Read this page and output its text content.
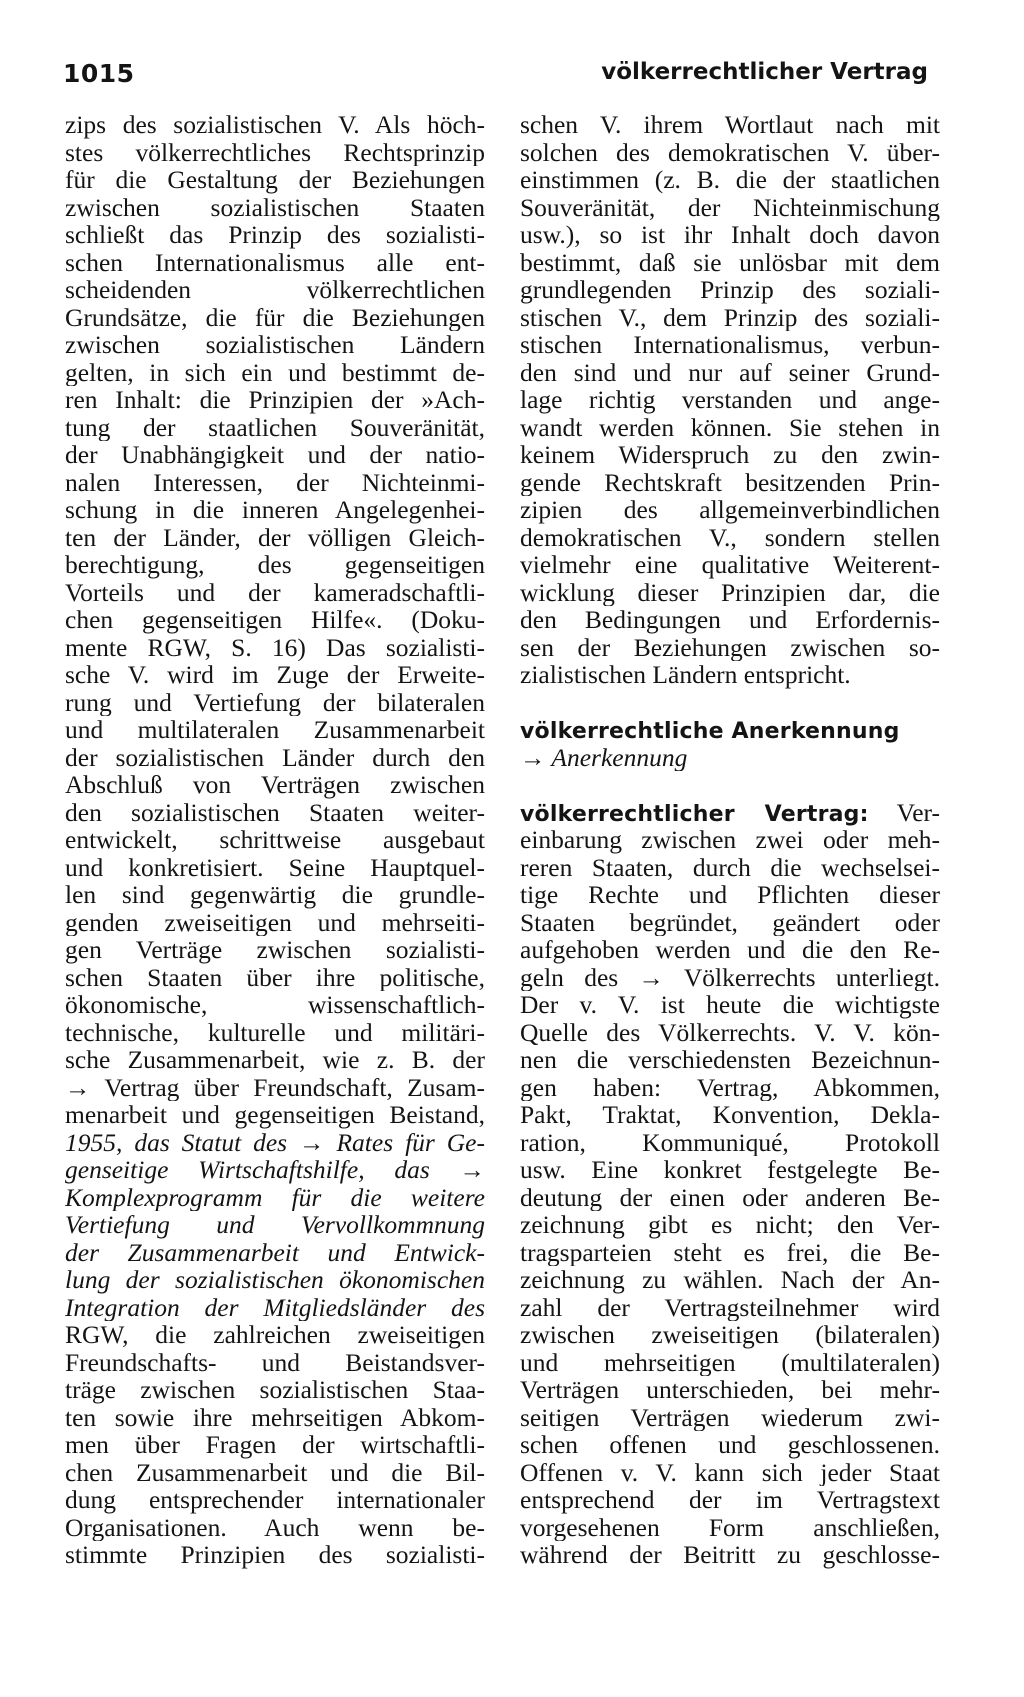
1015	völkerrechtlicher Vertrag
zips des sozialistischen V. Als höch-
stes völkerrechtliches Rechtsprinzip
für die Gestaltung der Beziehungen
zwischen sozialistischen Staaten
schließt das Prinzip des sozialisti-
schen Internationalismus alle ent-
scheidenden völkerrechtlichen
Grundsätze, die für die Beziehungen
zwischen sozialistischen Ländern
gelten, in sich ein und bestimmt de-
ren Inhalt: die Prinzipien der »Ach-
tung der staatlichen Souveränität,
der Unabhängigkeit und der natio-
nalen Interessen, der Nichteinmi-
schung in die inneren Angelegenhei-
ten der Länder, der völligen Gleich-
berechtigung, des gegenseitigen
Vorteils und der kameradschaftli-
chen gegenseitigen Hilfe«. (Doku-
mente RGW, S. 16) Das sozialisti-
sche V. wird im Zuge der Erweite-
rung und Vertiefung der bilateralen
und multilateralen Zusammenarbeit
der sozialistischen Länder durch den
Abschluß von Verträgen zwischen
den sozialistischen Staaten weiter-
entwickelt, schrittweise ausgebaut
und konkretisiert. Seine Hauptquel-
len sind gegenwärtig die grundle-
genden zweiseitigen und mehrseiti-
gen Verträge zwischen sozialisti-
schen Staaten über ihre politische,
ökonomische, wissenschaftlich-
technische, kulturelle und militäri-
sche Zusammenarbeit, wie z. B. der
→ Vertrag über Freundschaft, Zusam-
menarbeit und gegenseitigen Beistand,
1955, das Statut des → Rates für Ge-
genseitige Wirtschaftshilfe, das →
Komplexprogramm für die weitere
Vertiefung und Vervollkommnung
der Zusammenarbeit und Entwick-
lung der sozialistischen ökonomischen
Integration der Mitgliedsländer des
RGW, die zahlreichen zweiseitigen
Freundschafts- und Beistandsver-
träge zwischen sozialistischen Staa-
ten sowie ihre mehrseitigen Abkom-
men über Fragen der wirtschaftli-
chen Zusammenarbeit und die Bil-
dung entsprechender internationaler
Organisationen. Auch wenn be-
stimmte Prinzipien des sozialisti-
schen V. ihrem Wortlaut nach mit
solchen des demokratischen V. über-
einstimmen (z. B. die der staatlichen
Souveränität, der Nichteinmischung
usw.), so ist ihr Inhalt doch davon
bestimmt, daß sie unlösbar mit dem
grundlegenden Prinzip des soziali-
stischen V., dem Prinzip des soziali-
stischen Internationalismus, verbun-
den sind und nur auf seiner Grund-
lage richtig verstanden und ange-
wandt werden können. Sie stehen in
keinem Widerspruch zu den zwin-
gende Rechtskraft besitzenden Prin-
zipien des allgemeinverbindlichen
demokratischen V., sondern stellen
vielmehr eine qualitative Weiterent-
wicklung dieser Prinzipien dar, die
den Bedingungen und Erfordernis-
sen der Beziehungen zwischen so-
zialistischen Ländern entspricht.
völkerrechtliche Anerkennung
→ Anerkennung
völkerrechtlicher Vertrag: Ver-
einbarung zwischen zwei oder meh-
reren Staaten, durch die wechselsei-
tige Rechte und Pflichten dieser
Staaten begründet, geändert oder
aufgehoben werden und die den Re-
geln des → Völkerrechts unterliegt.
Der v. V. ist heute die wichtigste
Quelle des Völkerrechts. V. V. kön-
nen die verschiedensten Bezeichnun-
gen haben: Vertrag, Abkommen,
Pakt, Traktat, Konvention, Dekla-
ration, Kommuniqué, Protokoll
usw. Eine konkret festgelegte Be-
deutung der einen oder anderen Be-
zeichnung gibt es nicht; den Ver-
tragsparteien steht es frei, die Be-
zeichnung zu wählen. Nach der An-
zahl der Vertragsteilnehmer wird
zwischen zweiseitigen (bilateralen)
und mehrseitigen (multilateralen)
Verträgen unterschieden, bei mehr-
seitigen Verträgen wiederum zwi-
schen offenen und geschlossenen.
Offenen v. V. kann sich jeder Staat
entsprechend der im Vertragstext
vorgesehenen Form anschließen,
während der Beitritt zu geschlosse-
